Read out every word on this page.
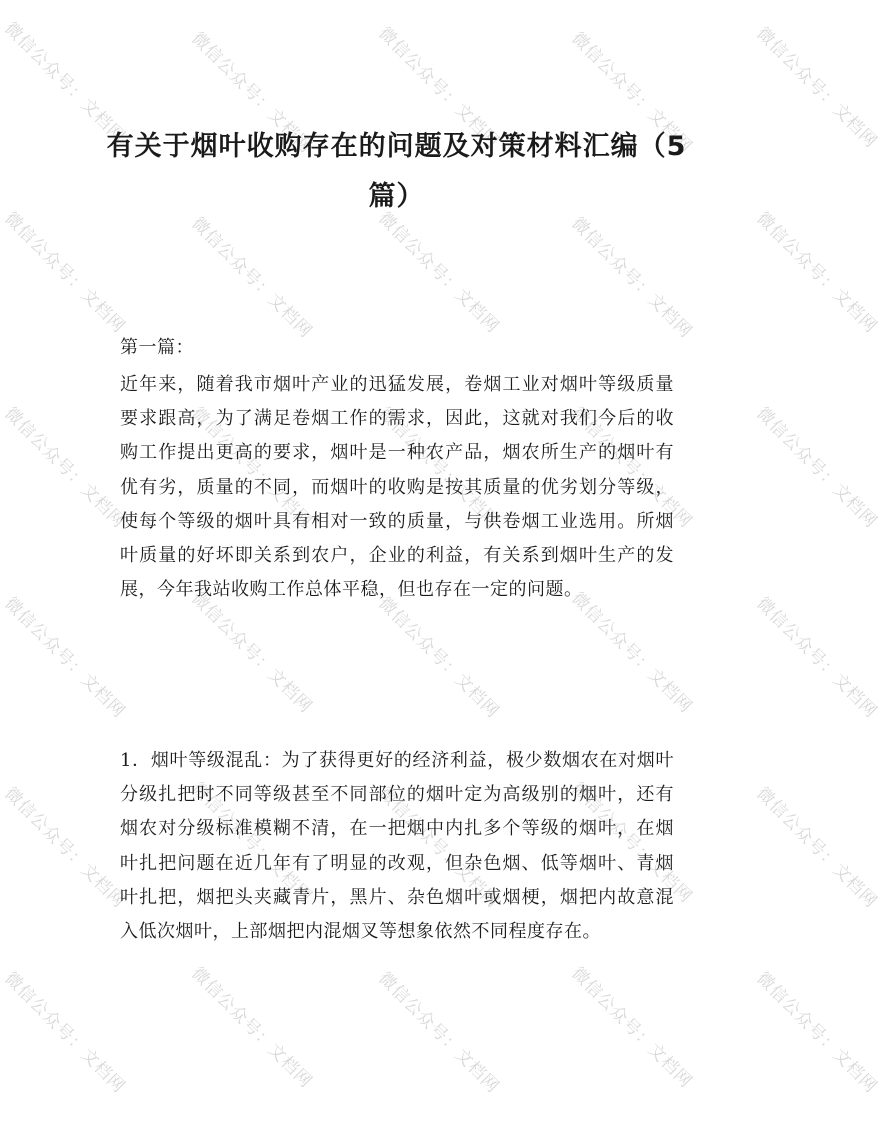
微信公众号：文档网	微信公众号：文档网	微信公众号：文档网	微信公众号：文档网	微信公众号：文档网
微信公众号：文档网	微信公众号：文档网	微信公众号：文档网	微信公众号：文档网	微信公众号：文档网
微信公众号：文档网	微信公众号：文档网	微信公众号：文档网	微信公众号：文档网	微信公众号：文档网
微信公众号：文档网	微信公众号：文档网	微信公众号：文档网	微信公众号：文档网	微信公众号：文档网
微信公众号：文档网	微信公众号：文档网	微信公众号：文档网	微信公众号：文档网	微信公众号：文档网
微信公众号：文档网	微信公众号：文档网	微信公众号：文档网	微信公众号：文档网	微信公众号：文档网
有关于烟叶收购存在的问题及对策材料汇编（5 篇）

第一篇：

近年来，随着我市烟叶产业的迅猛发展，卷烟工业对烟叶等级质量要求跟高，为了满足卷烟工作的需求，因此，这就对我们今后的收购工作提出更高的要求，烟叶是一种农产品，烟农所生产的烟叶有优有劣，质量的不同，而烟叶的收购是按其质量的优劣划分等级，使每个等级的烟叶具有相对一致的质量，与供卷烟工业选用。所烟叶质量的好坏即关系到农户，企业的利益，有关系到烟叶生产的发展，今年我站收购工作总体平稳，但也存在一定的问题。

1．烟叶等级混乱：为了获得更好的经济利益，极少数烟农在对烟叶分级扎把时不同等级甚至不同部位的烟叶定为高级别的烟叶，还有烟农对分级标准模糊不清，在一把烟中内扎多个等级的烟叶，在烟叶扎把问题在近几年有了明显的改观，但杂色烟、低等烟叶、青烟叶扎把，烟把头夹藏青片，黑片、杂色烟叶或烟梗，烟把内故意混入低次烟叶，上部烟把内混烟叉等想象依然不同程度存在。
